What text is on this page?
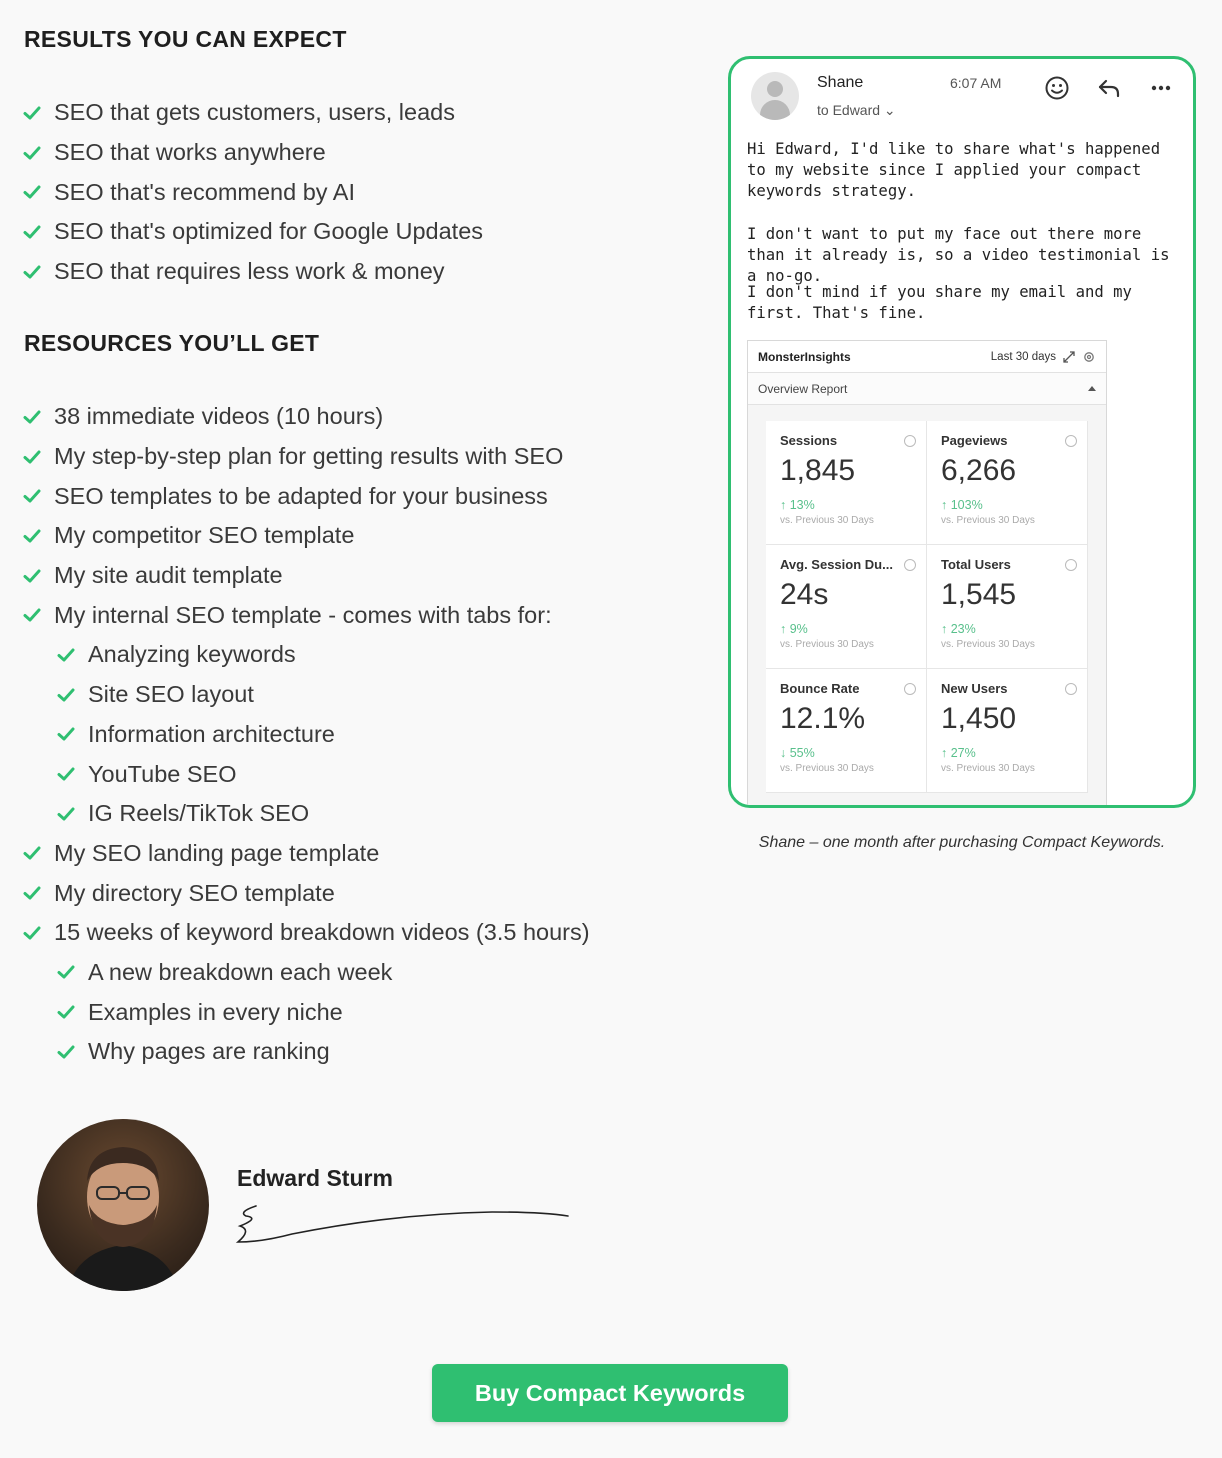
RESULTS YOU CAN EXPECT
SEO that gets customers, users, leads
SEO that works anywhere
SEO that's recommend by AI
SEO that's optimized for Google Updates
SEO that requires less work & money
RESOURCES YOU’LL GET
38 immediate videos (10 hours)
My step-by-step plan for getting results with SEO
SEO templates to be adapted for your business
My competitor SEO template
My site audit template
My internal SEO template - comes with tabs for:
Analyzing keywords
Site SEO layout
Information architecture
YouTube SEO
IG Reels/TikTok SEO
My SEO landing page template
My directory SEO template
15 weeks of keyword breakdown videos (3.5 hours)
A new breakdown each week
Examples in every niche
Why pages are ranking
Shane
to Edward ⌄
6:07 AM

Hi Edward, I'd like to share what's happened to my website since I applied your compact keywords strategy.

I don't want to put my face out there more than it already is, so a video testimonial is a no-go.

I don't mind if you share my email and my first. That's fine.

MonsterInsights	Last 30 days
Overview Report
Sessions
1,845
↑ 13%
vs. Previous 30 Days
Pageviews
6,266
↑ 103%
vs. Previous 30 Days
Avg. Session Du...
24s
↑ 9%
vs. Previous 30 Days
Total Users
1,545
↑ 23%
vs. Previous 30 Days
Bounce Rate
12.1%
↓ 55%
vs. Previous 30 Days
New Users
1,450
↑ 27%
vs. Previous 30 Days

Shane – one month after purchasing Compact Keywords.

Edward Sturm
Buy Compact Keywords
